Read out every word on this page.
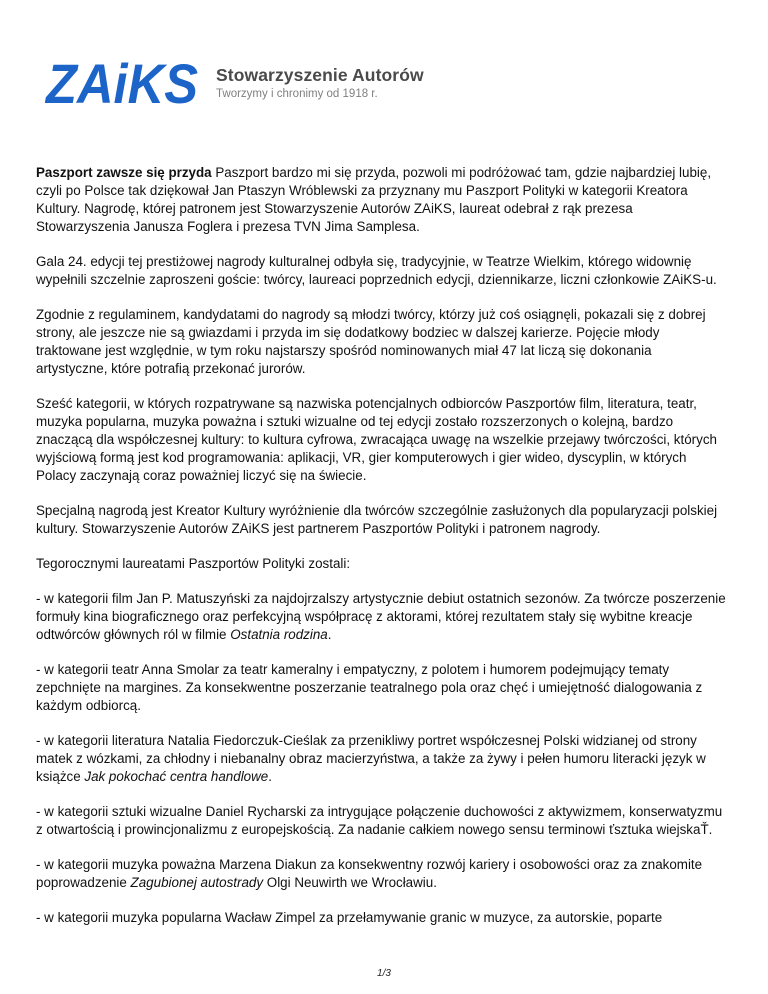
ZAiKS Stowarzyszenie Autorów
Tworzymy i chronimy od 1918 r.

Paszport zawsze się przyda Paszport bardzo mi się przyda, pozwoli mi podróżować tam, gdzie najbardziej lubię, czyli po Polsce tak dziękował Jan Ptaszyn Wróblewski za przyznany mu Paszport Polityki w kategorii Kreatora Kultury. Nagrodę, której patronem jest Stowarzyszenie Autorów ZAiKS, laureat odebrał z rąk prezesa Stowarzyszenia Janusza Foglera i prezesa TVN Jima Samplesa.

Gala 24. edycji tej prestiżowej nagrody kulturalnej odbyła się, tradycyjnie, w Teatrze Wielkim, którego widownię wypełnili szczelnie zaproszeni goście: twórcy, laureaci poprzednich edycji, dziennikarze, liczni członkowie ZAiKS-u.

Zgodnie z regulaminem, kandydatami do nagrody są młodzi twórcy, którzy już coś osiągnęli, pokazali się z dobrej strony, ale jeszcze nie są gwiazdami i przyda im się dodatkowy bodziec w dalszej karierze. Pojęcie młody traktowane jest względnie, w tym roku najstarszy spośród nominowanych miał 47 lat liczą się dokonania artystyczne, które potrafią przekonać jurorów.

Sześć kategorii, w których rozpatrywane są nazwiska potencjalnych odbiorców Paszportów film, literatura, teatr, muzyka popularna, muzyka poważna i sztuki wizualne od tej edycji zostało rozszerzonych o kolejną, bardzo znaczącą dla współczesnej kultury: to kultura cyfrowa, zwracająca uwagę na wszelkie przejawy twórczości, których wyjściową formą jest kod programowania: aplikacji, VR, gier komputerowych i gier wideo, dyscyplin, w których Polacy zaczynają coraz poważniej liczyć się na świecie.

Specjalną nagrodą jest Kreator Kultury wyróżnienie dla twórców szczególnie zasłużonych dla popularyzacji polskiej kultury. Stowarzyszenie Autorów ZAiKS jest partnerem Paszportów Polityki i patronem nagrody.

Tegorocznymi laureatami Paszportów Polityki zostali:

- w kategorii film Jan P. Matuszyński za najdojrzalszy artystycznie debiut ostatnich sezonów. Za twórcze poszerzenie formuły kina biograficznego oraz perfekcyjną współpracę z aktorami, której rezultatem stały się wybitne kreacje odtwórców głównych ról w filmie Ostatnia rodzina.

- w kategorii teatr Anna Smolar za teatr kameralny i empatyczny, z polotem i humorem podejmujący tematy zepchnięte na margines. Za konsekwentne poszerzanie teatralnego pola oraz chęć i umiejętność dialogowania z każdym odbiorcą.

- w kategorii literatura Natalia Fiedorczuk-Cieślak za przenikliwy portret współczesnej Polski widzianej od strony matek z wózkami, za chłodny i niebanalny obraz macierzyństwa, a także za żywy i pełen humoru literacki język w książce Jak pokochać centra handlowe.

- w kategorii sztuki wizualne Daniel Rycharski za intrygujące połączenie duchowości z aktywizmem, konserwatyzmu z otwartością i prowincjonalizmu z europejskością. Za nadanie całkiem nowego sensu terminowi ťsztuka wiejskaŤ.

- w kategorii muzyka poważna Marzena Diakun za konsekwentny rozwój kariery i osobowości oraz za znakomite poprowadzenie Zagubionej autostrady Olgi Neuwirth we Wrocławiu.

- w kategorii muzyka popularna Wacław Zimpel za przełamywanie granic w muzyce, za autorskie, poparte

1/3
